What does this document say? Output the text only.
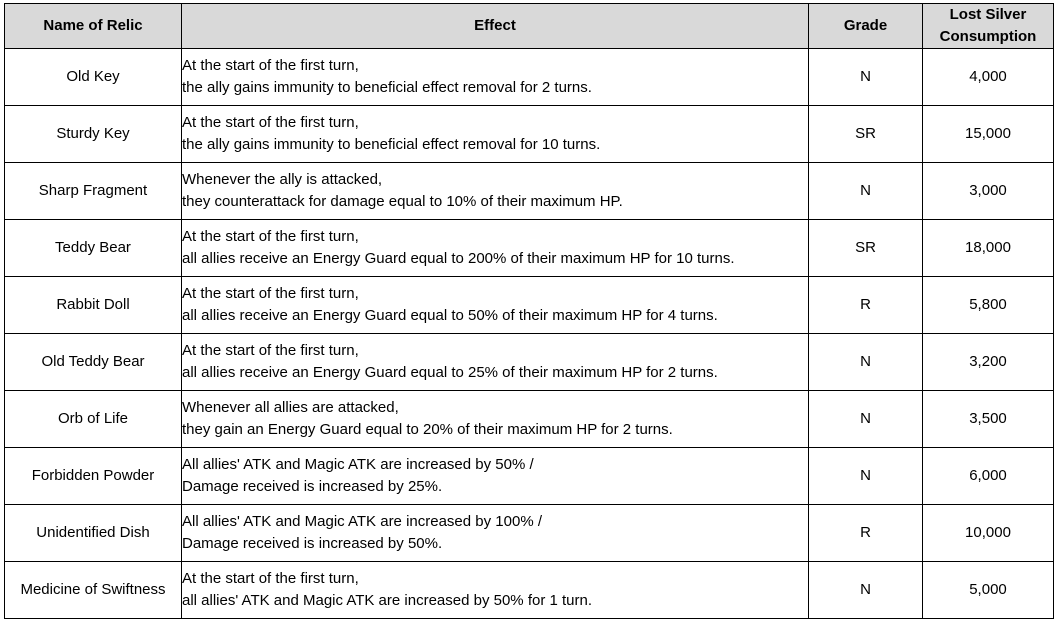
Name of Relic	Effect	Grade	Lost Silver
Consumption

Old Key	At the start of the first turn,
the ally gains immunity to beneficial effect removal for 2 turns.	N	4,000
Sturdy Key	At the start of the first turn,
the ally gains immunity to beneficial effect removal for 10 turns.	SR	15,000
Sharp Fragment	Whenever the ally is attacked,
they counterattack for damage equal to 10% of their maximum HP.	N	3,000
Teddy Bear	At the start of the first turn,
all allies receive an Energy Guard equal to 200% of their maximum HP for 10 turns.	SR	18,000
Rabbit Doll	At the start of the first turn,
all allies receive an Energy Guard equal to 50% of their maximum HP for 4 turns.	R	5,800
Old Teddy Bear	At the start of the first turn,
all allies receive an Energy Guard equal to 25% of their maximum HP for 2 turns.	N	3,200
Orb of Life	Whenever all allies are attacked,
they gain an Energy Guard equal to 20% of their maximum HP for 2 turns.	N	3,500
Forbidden Powder	All allies' ATK and Magic ATK are increased by 50% /
Damage received is increased by 25%.	N	6,000
Unidentified Dish	All allies' ATK and Magic ATK are increased by 100% /
Damage received is increased by 50%.	R	10,000
Medicine of Swiftness	At the start of the first turn,
all allies' ATK and Magic ATK are increased by 50% for 1 turn.	N	5,000
